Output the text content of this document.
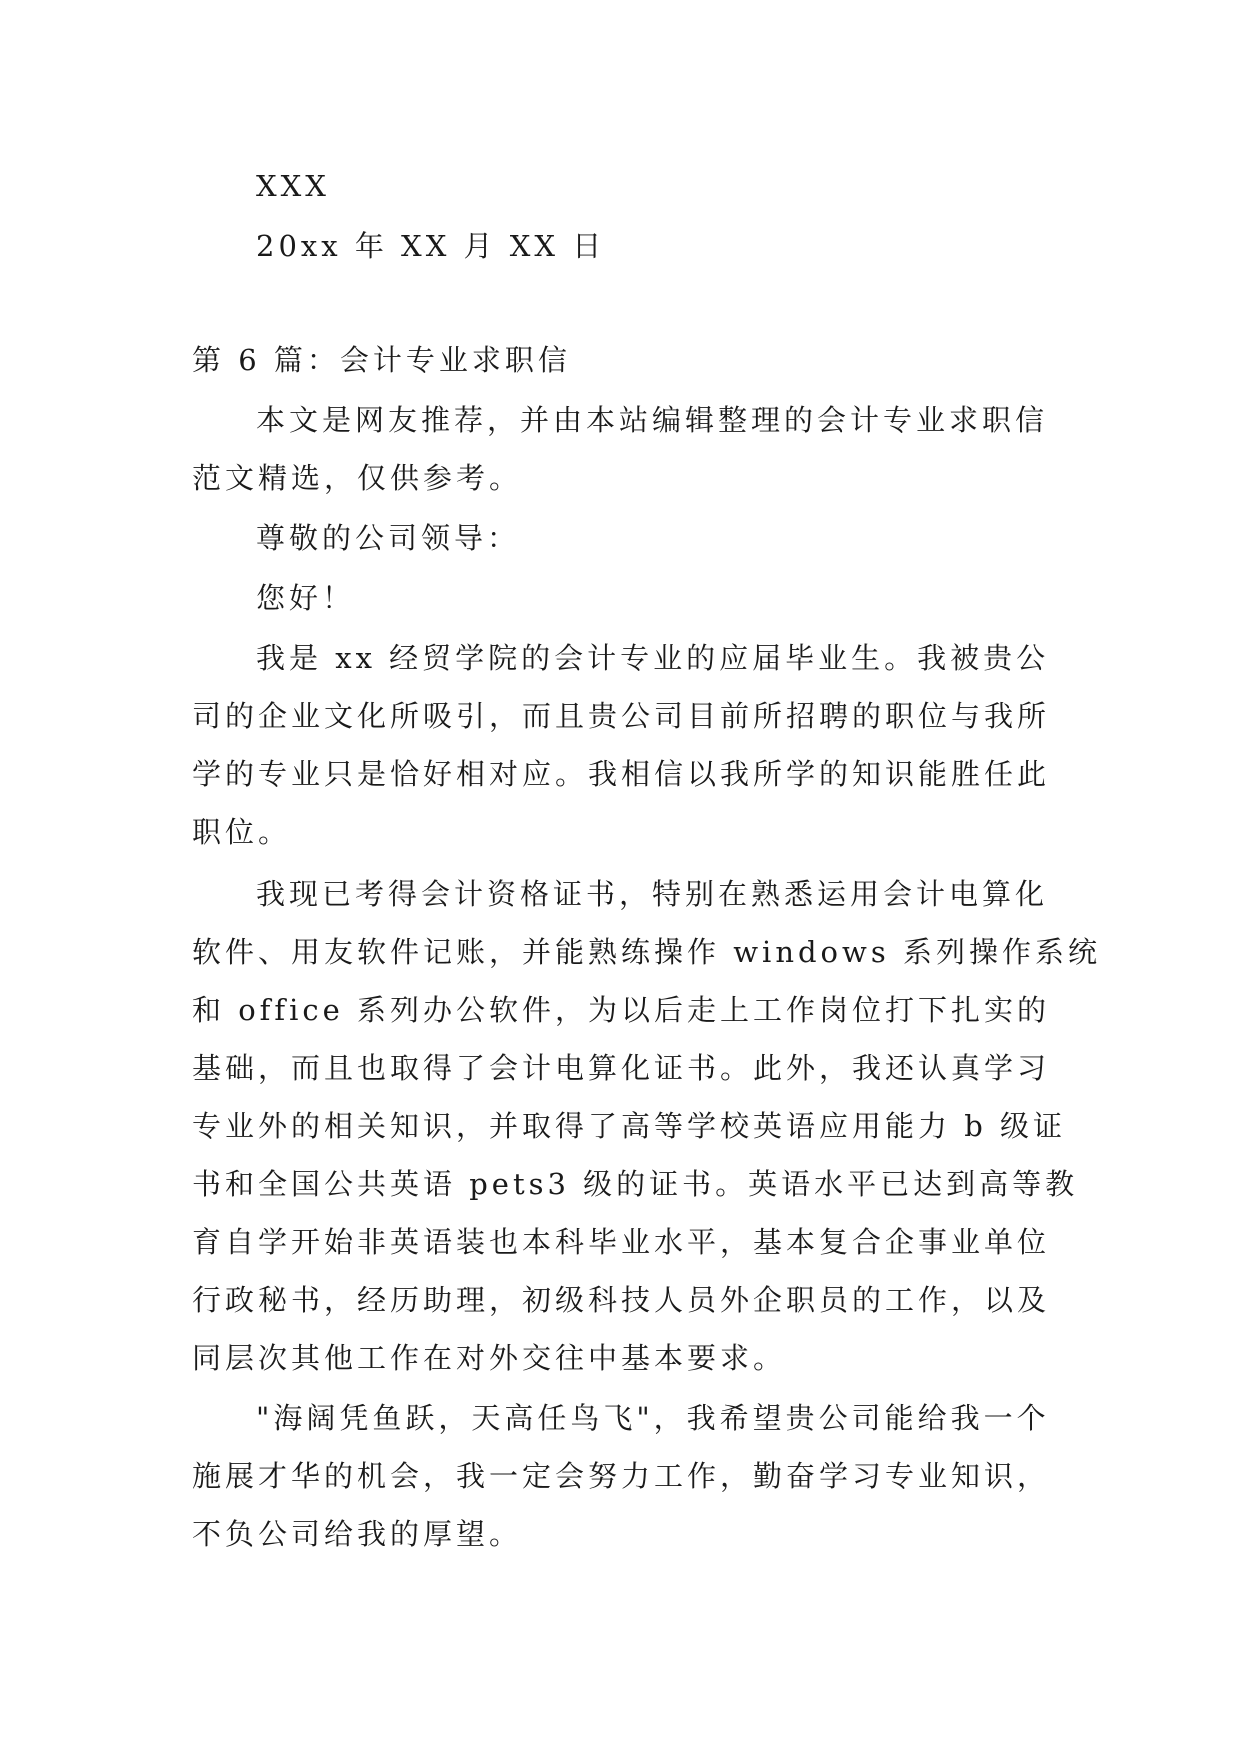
XXX
20xx 年 XX 月 XX 日
第 6 篇：会计专业求职信
本文是网友推荐，并由本站编辑整理的会计专业求职信
范文精选，仅供参考。
尊敬的公司领导：
您好！
我是 xx 经贸学院的会计专业的应届毕业生。我被贵公
司的企业文化所吸引，而且贵公司目前所招聘的职位与我所
学的专业只是恰好相对应。我相信以我所学的知识能胜任此
职位。
我现已考得会计资格证书，特别在熟悉运用会计电算化
软件、用友软件记账，并能熟练操作 windows 系列操作系统
和 office 系列办公软件，为以后走上工作岗位打下扎实的
基础，而且也取得了会计电算化证书。此外，我还认真学习
专业外的相关知识，并取得了高等学校英语应用能力 b 级证
书和全国公共英语 pets3 级的证书。英语水平已达到高等教
育自学开始非英语装也本科毕业水平，基本复合企事业单位
行政秘书，经历助理，初级科技人员外企职员的工作，以及
同层次其他工作在对外交往中基本要求。
"海阔凭鱼跃，天高任鸟飞"，我希望贵公司能给我一个
施展才华的机会，我一定会努力工作，勤奋学习专业知识，
不负公司给我的厚望。
